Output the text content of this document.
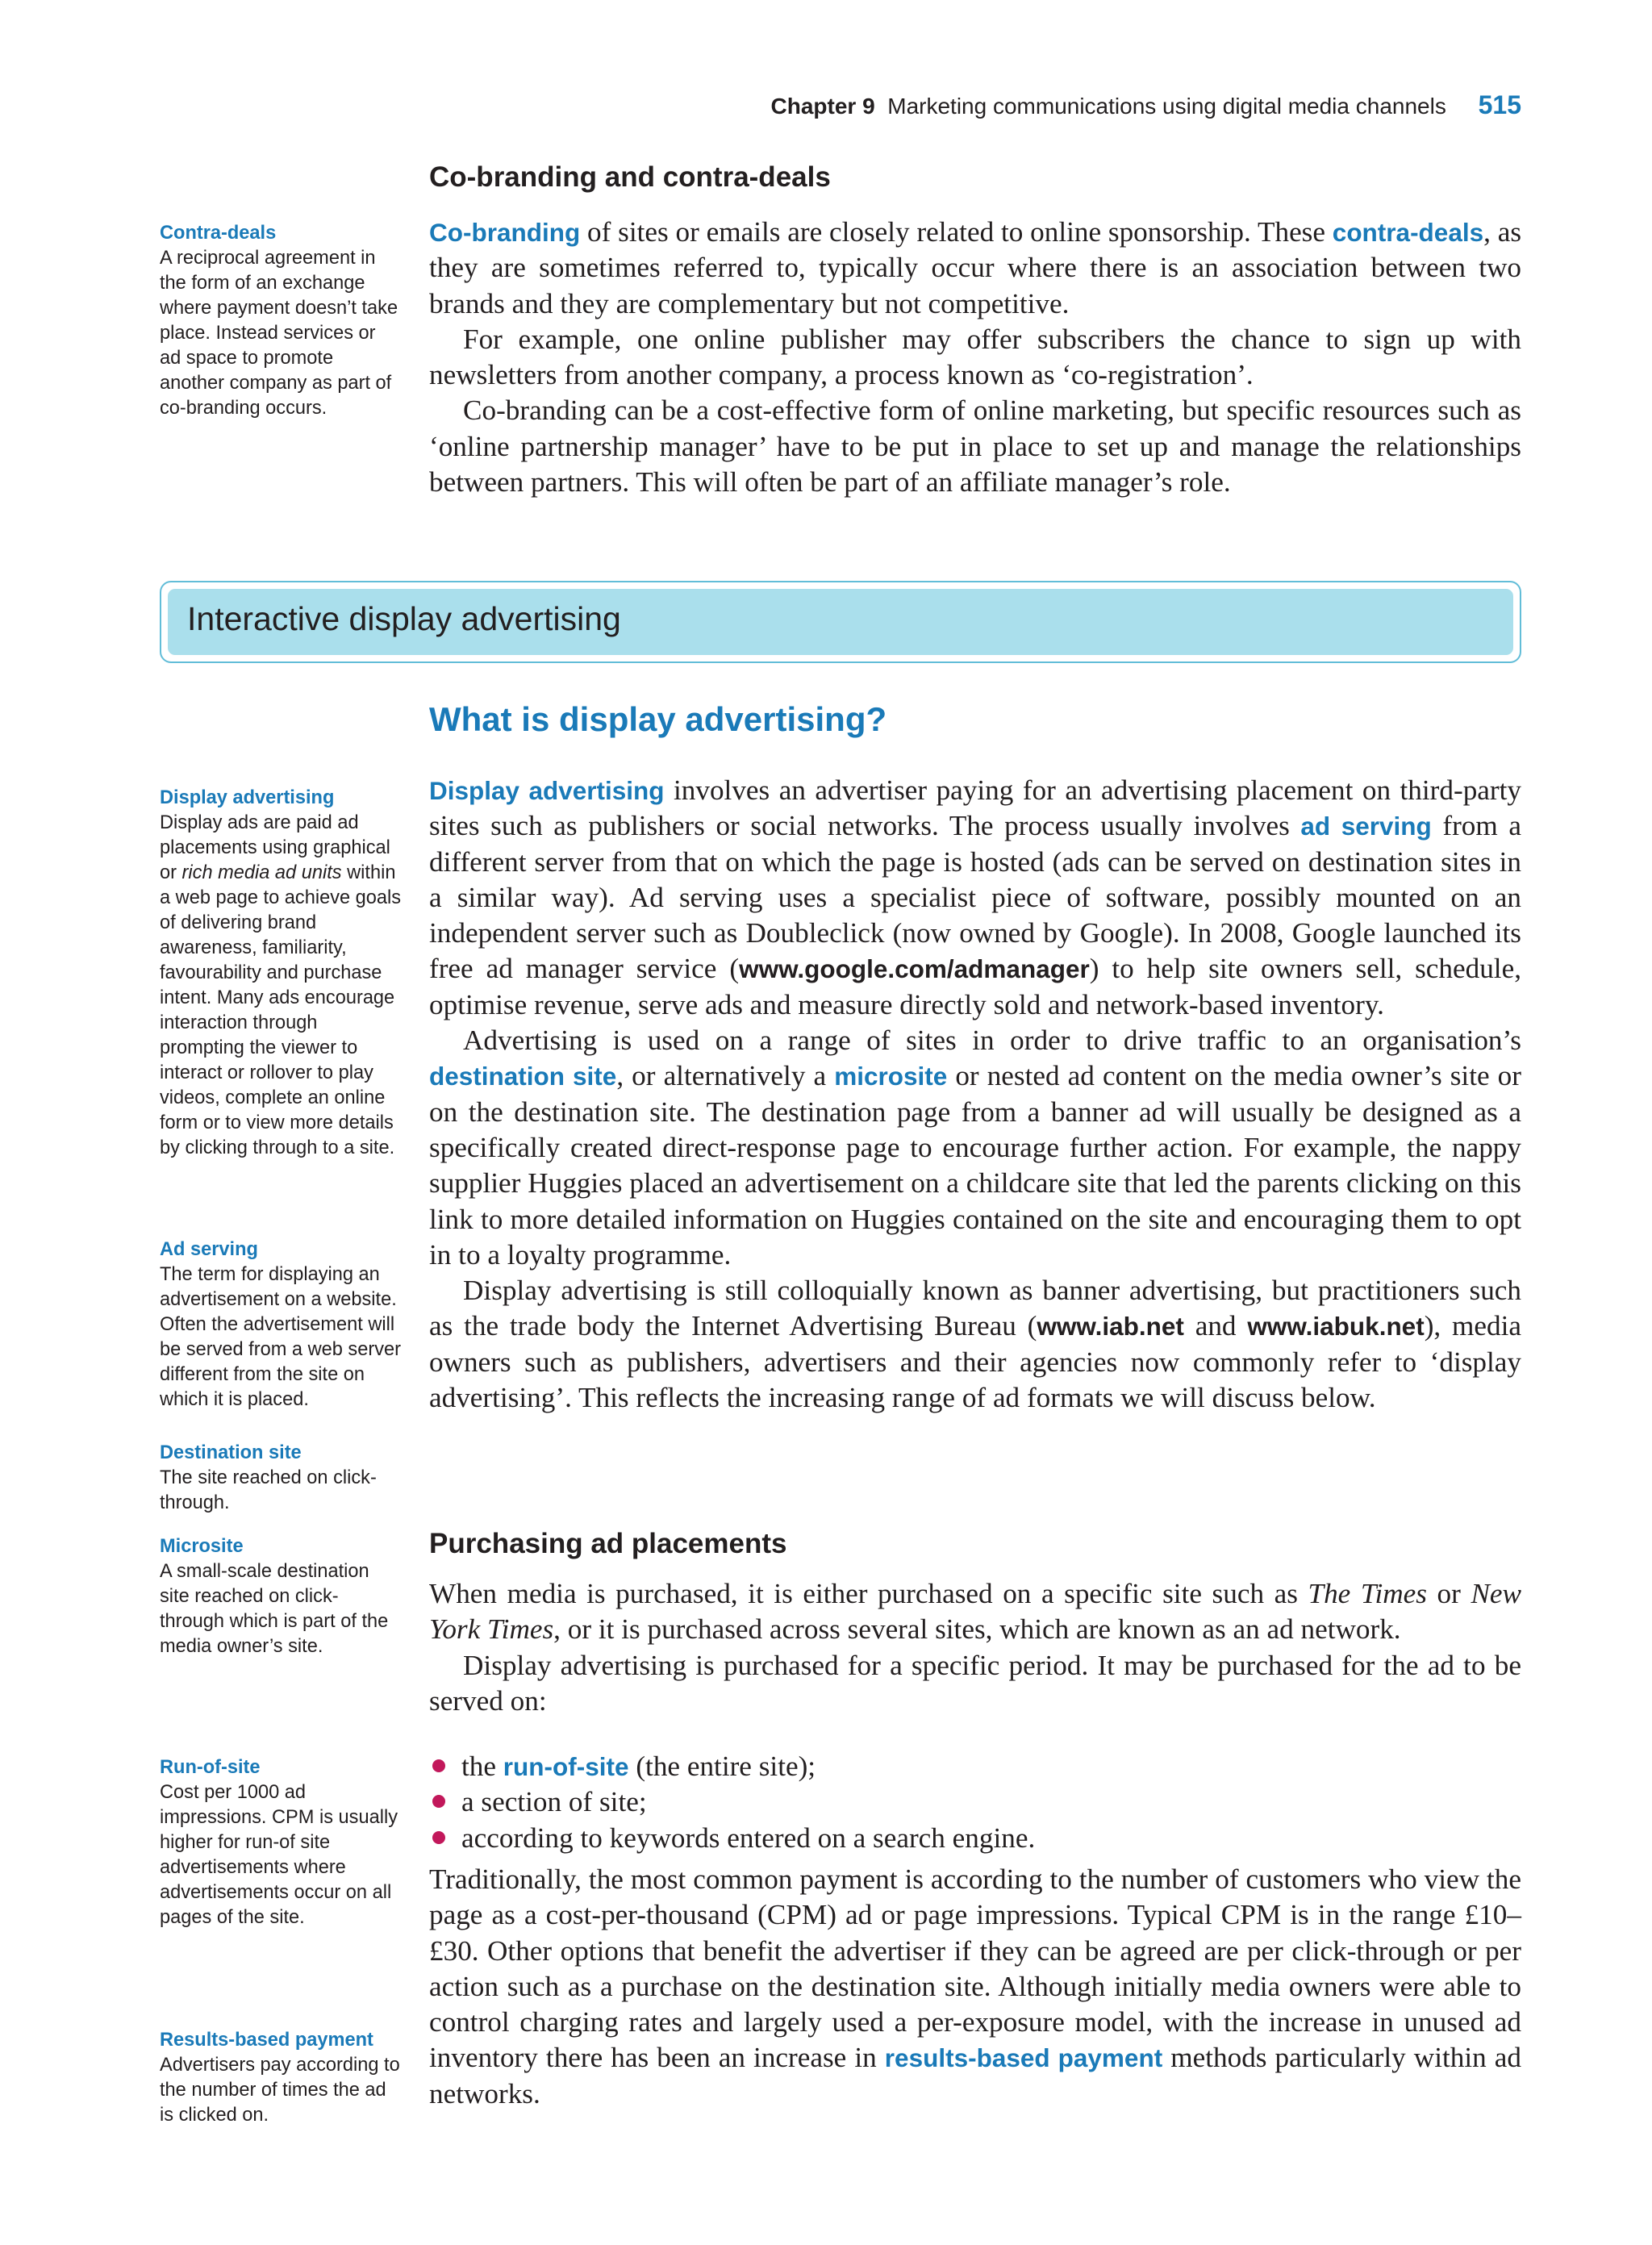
Chapter 9 Marketing communications using digital media channels 515
Co-branding and contra-deals

Co-branding of sites or emails are closely related to online sponsorship. These contra-deals, as they are sometimes referred to, typically occur where there is an association between two brands and they are complementary but not competitive.

For example, one online publisher may offer subscribers the chance to sign up with newsletters from another company, a process known as ‘co-registration’.

Co-branding can be a cost-effective form of online marketing, but specific resources such as ‘online partnership manager’ have to be put in place to set up and manage the relationships between partners. This will often be part of an affiliate manager’s role.

Contra-deals
A reciprocal agreement in the form of an exchange where payment doesn’t take place. Instead services or ad space to promote another company as part of co-branding occurs.
Interactive display advertising
What is display advertising?

Display advertising involves an advertiser paying for an advertising placement on third-party sites such as publishers or social networks. The process usually involves ad serving from a different server from that on which the page is hosted (ads can be served on destination sites in a similar way). Ad serving uses a specialist piece of software, possibly mounted on an independent server such as Doubleclick (now owned by Google). In 2008, Google launched its free ad manager service (www.google.com/admanager) to help site owners sell, schedule, optimise revenue, serve ads and measure directly sold and network-based inventory.

Advertising is used on a range of sites in order to drive traffic to an organisation’s destination site, or alternatively a microsite or nested ad content on the media owner’s site or on the destination site. The destination page from a banner ad will usually be designed as a specifically created direct-response page to encourage further action. For example, the nappy supplier Huggies placed an advertisement on a childcare site that led the parents clicking on this link to more detailed information on Huggies contained on the site and encouraging them to opt in to a loyalty programme.

Display advertising is still colloquially known as banner advertising, but practitioners such as the trade body the Internet Advertising Bureau (www.iab.net and www.iabuk.net), media owners such as publishers, advertisers and their agencies now commonly refer to ‘display advertising’. This reflects the increasing range of ad formats we will discuss below.

Purchasing ad placements

When media is purchased, it is either purchased on a specific site such as The Times or New York Times, or it is purchased across several sites, which are known as an ad network.

Display advertising is purchased for a specific period. It may be purchased for the ad to be served on:

the run-of-site (the entire site);
a section of site;
according to keywords entered on a search engine.

Traditionally, the most common payment is according to the number of customers who view the page as a cost-per-thousand (CPM) ad or page impressions. Typical CPM is in the range £10–£30. Other options that benefit the advertiser if they can be agreed are per click-through or per action such as a purchase on the destination site. Although initially media owners were able to control charging rates and largely used a per-exposure model, with the increase in unused ad inventory there has been an increase in results-based payment methods particularly within ad networks.

Display advertising
Display ads are paid ad placements using graphical or rich media ad units within a web page to achieve goals of delivering brand awareness, familiarity, favourability and purchase intent. Many ads encourage interaction through prompting the viewer to interact or rollover to play videos, complete an online form or to view more details by clicking through to a site.
Ad serving
The term for displaying an advertisement on a website. Often the advertisement will be served from a web server different from the site on which it is placed.
Destination site
The site reached on click-through.
Microsite
A small-scale destination site reached on click-through which is part of the media owner’s site.
Run-of-site
Cost per 1000 ad impressions. CPM is usually higher for run-of site advertisements where advertisements occur on all pages of the site.
Results-based payment
Advertisers pay according to the number of times the ad is clicked on.
